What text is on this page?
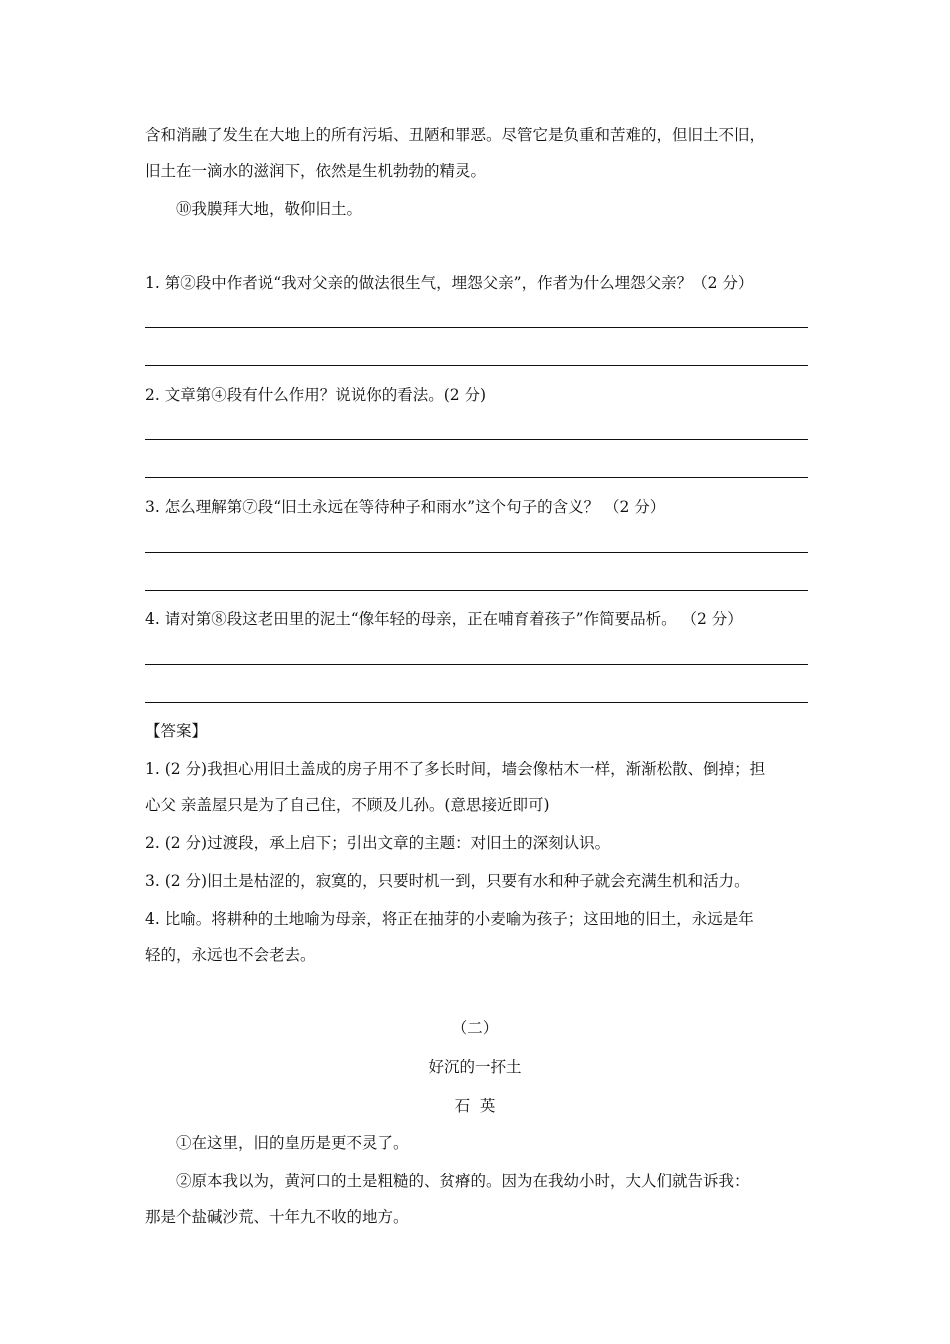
含和消融了发生在大地上的所有污垢、丑陋和罪恶。尽管它是负重和苦难的，但旧土不旧，

旧土在一滴水的滋润下，依然是生机勃勃的精灵。

⑩我膜拜大地，敬仰旧土。

1. 第②段中作者说“我对父亲的做法很生气，埋怨父亲”，作者为什么埋怨父亲？（2 分）

2. 文章第④段有什么作用？说说你的看法。(2 分)

3. 怎么理解第⑦段“旧土永远在等待种子和雨水”这个句子的含义？ （2 分）

4. 请对第⑧段这老田里的泥土“像年轻的母亲，正在哺育着孩子”作简要品析。 （2 分）

【答案】

1. (2 分)我担心用旧土盖成的房子用不了多长时间，墙会像枯木一样，渐渐松散、倒掉；担

心父 亲盖屋只是为了自己住，不顾及儿孙。(意思接近即可)

2. (2 分)过渡段，承上启下；引出文章的主题：对旧土的深刻认识。

3. (2 分)旧土是枯涩的，寂寞的，只要时机一到，只要有水和种子就会充满生机和活力。

4. 比喻。将耕种的土地喻为母亲，将正在抽芽的小麦喻为孩子；这田地的旧土，永远是年

轻的，永远也不会老去。

（二）

好沉的一抔土

石  英

①在这里，旧的皇历是更不灵了。

②原本我以为，黄河口的土是粗糙的、贫瘠的。因为在我幼小时，大人们就告诉我：

那是个盐碱沙荒、十年九不收的地方。
